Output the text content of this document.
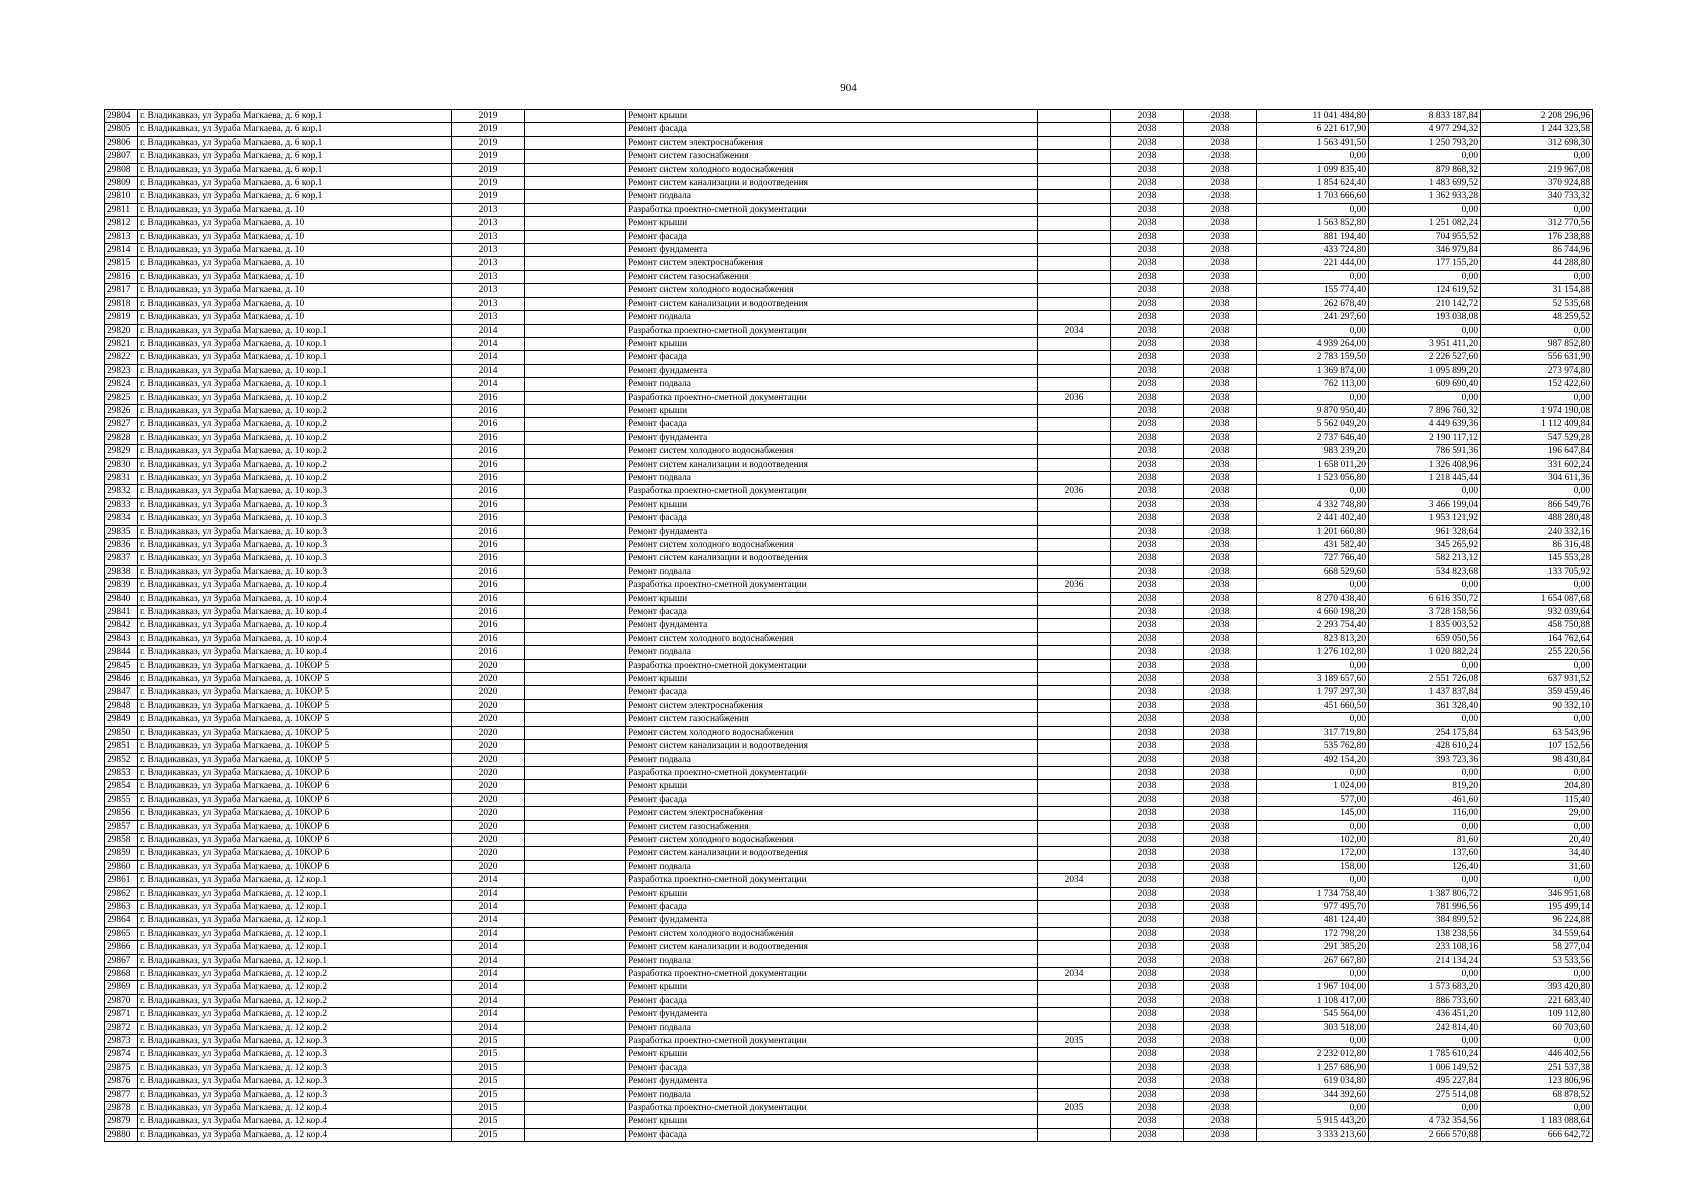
904
29804	г. Владикавказ, ул Зураба Магкаева, д. 6 кор.1	2019		Ремонт крыши		2038	2038	11 041 484,80	8 833 187,84	2 208 296,96
29805	г. Владикавказ, ул Зураба Магкаева, д. 6 кор.1	2019		Ремонт фасада		2038	2038	6 221 617,90	4 977 294,32	1 244 323,58
29806	г. Владикавказ, ул Зураба Магкаева, д. 6 кор.1	2019		Ремонт систем электроснабжения		2038	2038	1 563 491,50	1 250 793,20	312 698,30
29807	г. Владикавказ, ул Зураба Магкаева, д. 6 кор.1	2019		Ремонт систем газоснабжения		2038	2038	0,00	0,00	0,00
29808	г. Владикавказ, ул Зураба Магкаева, д. 6 кор.1	2019		Ремонт систем холодного водоснабжения		2038	2038	1 099 835,40	879 868,32	219 967,08
29809	г. Владикавказ, ул Зураба Магкаева, д. 6 кор.1	2019		Ремонт систем канализации и водоотведения		2038	2038	1 854 624,40	1 483 699,52	370 924,88
29810	г. Владикавказ, ул Зураба Магкаева, д. 6 кор.1	2019		Ремонт подвала		2038	2038	1 703 666,60	1 362 933,28	340 733,32
29811	г. Владикавказ, ул Зураба Магкаева, д. 10	2013		Разработка проектно-сметной документации		2038	2038	0,00	0,00	0,00
29812	г. Владикавказ, ул Зураба Магкаева, д. 10	2013		Ремонт крыши		2038	2038	1 563 852,80	1 251 082,24	312 770,56
29813	г. Владикавказ, ул Зураба Магкаева, д. 10	2013		Ремонт фасада		2038	2038	881 194,40	704 955,52	176 238,88
29814	г. Владикавказ, ул Зураба Магкаева, д. 10	2013		Ремонт фундамента		2038	2038	433 724,80	346 979,84	86 744,96
29815	г. Владикавказ, ул Зураба Магкаева, д. 10	2013		Ремонт систем электроснабжения		2038	2038	221 444,00	177 155,20	44 288,80
29816	г. Владикавказ, ул Зураба Магкаева, д. 10	2013		Ремонт систем газоснабжения		2038	2038	0,00	0,00	0,00
29817	г. Владикавказ, ул Зураба Магкаева, д. 10	2013		Ремонт систем холодного водоснабжения		2038	2038	155 774,40	124 619,52	31 154,88
29818	г. Владикавказ, ул Зураба Магкаева, д. 10	2013		Ремонт систем канализации и водоотведения		2038	2038	262 678,40	210 142,72	52 535,68
29819	г. Владикавказ, ул Зураба Магкаева, д. 10	2013		Ремонт подвала		2038	2038	241 297,60	193 038,08	48 259,52
29820	г. Владикавказ, ул Зураба Магкаева, д. 10 кор.1	2014		Разработка проектно-сметной документации	2034	2038	2038	0,00	0,00	0,00
29821	г. Владикавказ, ул Зураба Магкаева, д. 10 кор.1	2014		Ремонт крыши		2038	2038	4 939 264,00	3 951 411,20	987 852,80
29822	г. Владикавказ, ул Зураба Магкаева, д. 10 кор.1	2014		Ремонт фасада		2038	2038	2 783 159,50	2 226 527,60	556 631,90
29823	г. Владикавказ, ул Зураба Магкаева, д. 10 кор.1	2014		Ремонт фундамента		2038	2038	1 369 874,00	1 095 899,20	273 974,80
29824	г. Владикавказ, ул Зураба Магкаева, д. 10 кор.1	2014		Ремонт подвала		2038	2038	762 113,00	609 690,40	152 422,60
29825	г. Владикавказ, ул Зураба Магкаева, д. 10 кор.2	2016		Разработка проектно-сметной документации	2036	2038	2038	0,00	0,00	0,00
29826	г. Владикавказ, ул Зураба Магкаева, д. 10 кор.2	2016		Ремонт крыши		2038	2038	9 870 950,40	7 896 760,32	1 974 190,08
29827	г. Владикавказ, ул Зураба Магкаева, д. 10 кор.2	2016		Ремонт фасада		2038	2038	5 562 049,20	4 449 639,36	1 112 409,84
29828	г. Владикавказ, ул Зураба Магкаева, д. 10 кор.2	2016		Ремонт фундамента		2038	2038	2 737 646,40	2 190 117,12	547 529,28
29829	г. Владикавказ, ул Зураба Магкаева, д. 10 кор.2	2016		Ремонт систем холодного водоснабжения		2038	2038	983 239,20	786 591,36	196 647,84
29830	г. Владикавказ, ул Зураба Магкаева, д. 10 кор.2	2016		Ремонт систем канализации и водоотведения		2038	2038	1 658 011,20	1 326 408,96	331 602,24
29831	г. Владикавказ, ул Зураба Магкаева, д. 10 кор.2	2016		Ремонт подвала		2038	2038	1 523 056,80	1 218 445,44	304 611,36
29832	г. Владикавказ, ул Зураба Магкаева, д. 10 кор.3	2016		Разработка проектно-сметной документации	2036	2038	2038	0,00	0,00	0,00
29833	г. Владикавказ, ул Зураба Магкаева, д. 10 кор.3	2016		Ремонт крыши		2038	2038	4 332 748,80	3 466 199,04	866 549,76
29834	г. Владикавказ, ул Зураба Магкаева, д. 10 кор.3	2016		Ремонт фасада		2038	2038	2 441 402,40	1 953 121,92	488 280,48
29835	г. Владикавказ, ул Зураба Магкаева, д. 10 кор.3	2016		Ремонт фундамента		2038	2038	1 201 660,80	961 328,64	240 332,16
29836	г. Владикавказ, ул Зураба Магкаева, д. 10 кор.3	2016		Ремонт систем холодного водоснабжения		2038	2038	431 582,40	345 265,92	86 316,48
29837	г. Владикавказ, ул Зураба Магкаева, д. 10 кор.3	2016		Ремонт систем канализации и водоотведения		2038	2038	727 766,40	582 213,12	145 553,28
29838	г. Владикавказ, ул Зураба Магкаева, д. 10 кор.3	2016		Ремонт подвала		2038	2038	668 529,60	534 823,68	133 705,92
29839	г. Владикавказ, ул Зураба Магкаева, д. 10 кор.4	2016		Разработка проектно-сметной документации	2036	2038	2038	0,00	0,00	0,00
29840	г. Владикавказ, ул Зураба Магкаева, д. 10 кор.4	2016		Ремонт крыши		2038	2038	8 270 438,40	6 616 350,72	1 654 087,68
29841	г. Владикавказ, ул Зураба Магкаева, д. 10 кор.4	2016		Ремонт фасада		2038	2038	4 660 198,20	3 728 158,56	932 039,64
29842	г. Владикавказ, ул Зураба Магкаева, д. 10 кор.4	2016		Ремонт фундамента		2038	2038	2 293 754,40	1 835 003,52	458 750,88
29843	г. Владикавказ, ул Зураба Магкаева, д. 10 кор.4	2016		Ремонт систем холодного водоснабжения		2038	2038	823 813,20	659 050,56	164 762,64
29844	г. Владикавказ, ул Зураба Магкаева, д. 10 кор.4	2016		Ремонт подвала		2038	2038	1 276 102,80	1 020 882,24	255 220,56
29845	г. Владикавказ, ул Зураба Магкаева, д. 10КОР 5	2020		Разработка проектно-сметной документации		2038	2038	0,00	0,00	0,00
29846	г. Владикавказ, ул Зураба Магкаева, д. 10КОР 5	2020		Ремонт крыши		2038	2038	3 189 657,60	2 551 726,08	637 931,52
29847	г. Владикавказ, ул Зураба Магкаева, д. 10КОР 5	2020		Ремонт фасада		2038	2038	1 797 297,30	1 437 837,84	359 459,46
29848	г. Владикавказ, ул Зураба Магкаева, д. 10КОР 5	2020		Ремонт систем электроснабжения		2038	2038	451 660,50	361 328,40	90 332,10
29849	г. Владикавказ, ул Зураба Магкаева, д. 10КОР 5	2020		Ремонт систем газоснабжения		2038	2038	0,00	0,00	0,00
29850	г. Владикавказ, ул Зураба Магкаева, д. 10КОР 5	2020		Ремонт систем холодного водоснабжения		2038	2038	317 719,80	254 175,84	63 543,96
29851	г. Владикавказ, ул Зураба Магкаева, д. 10КОР 5	2020		Ремонт систем канализации и водоотведения		2038	2038	535 762,80	428 610,24	107 152,56
29852	г. Владикавказ, ул Зураба Магкаева, д. 10КОР 5	2020		Ремонт подвала		2038	2038	492 154,20	393 723,36	98 430,84
29853	г. Владикавказ, ул Зураба Магкаева, д. 10КОР 6	2020		Разработка проектно-сметной документации		2038	2038	0,00	0,00	0,00
29854	г. Владикавказ, ул Зураба Магкаева, д. 10КОР 6	2020		Ремонт крыши		2038	2038	1 024,00	819,20	204,80
29855	г. Владикавказ, ул Зураба Магкаева, д. 10КОР 6	2020		Ремонт фасада		2038	2038	577,00	461,60	115,40
29856	г. Владикавказ, ул Зураба Магкаева, д. 10КОР 6	2020		Ремонт систем электроснабжения		2038	2038	145,00	116,00	29,00
29857	г. Владикавказ, ул Зураба Магкаева, д. 10КОР 6	2020		Ремонт систем газоснабжения		2038	2038	0,00	0,00	0,00
29858	г. Владикавказ, ул Зураба Магкаева, д. 10КОР 6	2020		Ремонт систем холодного водоснабжения		2038	2038	102,00	81,60	20,40
29859	г. Владикавказ, ул Зураба Магкаева, д. 10КОР 6	2020		Ремонт систем канализации и водоотведения		2038	2038	172,00	137,60	34,40
29860	г. Владикавказ, ул Зураба Магкаева, д. 10КОР 6	2020		Ремонт подвала		2038	2038	158,00	126,40	31,60
29861	г. Владикавказ, ул Зураба Магкаева, д. 12 кор.1	2014		Разработка проектно-сметной документации	2034	2038	2038	0,00	0,00	0,00
29862	г. Владикавказ, ул Зураба Магкаева, д. 12 кор.1	2014		Ремонт крыши		2038	2038	1 734 758,40	1 387 806,72	346 951,68
29863	г. Владикавказ, ул Зураба Магкаева, д. 12 кор.1	2014		Ремонт фасада		2038	2038	977 495,70	781 996,56	195 499,14
29864	г. Владикавказ, ул Зураба Магкаева, д. 12 кор.1	2014		Ремонт фундамента		2038	2038	481 124,40	384 899,52	96 224,88
29865	г. Владикавказ, ул Зураба Магкаева, д. 12 кор.1	2014		Ремонт систем холодного водоснабжения		2038	2038	172 798,20	138 238,56	34 559,64
29866	г. Владикавказ, ул Зураба Магкаева, д. 12 кор.1	2014		Ремонт систем канализации и водоотведения		2038	2038	291 385,20	233 108,16	58 277,04
29867	г. Владикавказ, ул Зураба Магкаева, д. 12 кор.1	2014		Ремонт подвала		2038	2038	267 667,80	214 134,24	53 533,56
29868	г. Владикавказ, ул Зураба Магкаева, д. 12 кор.2	2014		Разработка проектно-сметной документации	2034	2038	2038	0,00	0,00	0,00
29869	г. Владикавказ, ул Зураба Магкаева, д. 12 кор.2	2014		Ремонт крыши		2038	2038	1 967 104,00	1 573 683,20	393 420,80
29870	г. Владикавказ, ул Зураба Магкаева, д. 12 кор.2	2014		Ремонт фасада		2038	2038	1 108 417,00	886 733,60	221 683,40
29871	г. Владикавказ, ул Зураба Магкаева, д. 12 кор.2	2014		Ремонт фундамента		2038	2038	545 564,00	436 451,20	109 112,80
29872	г. Владикавказ, ул Зураба Магкаева, д. 12 кор.2	2014		Ремонт подвала		2038	2038	303 518,00	242 814,40	60 703,60
29873	г. Владикавказ, ул Зураба Магкаева, д. 12 кор.3	2015		Разработка проектно-сметной документации	2035	2038	2038	0,00	0,00	0,00
29874	г. Владикавказ, ул Зураба Магкаева, д. 12 кор.3	2015		Ремонт крыши		2038	2038	2 232 012,80	1 785 610,24	446 402,56
29875	г. Владикавказ, ул Зураба Магкаева, д. 12 кор.3	2015		Ремонт фасада		2038	2038	1 257 686,90	1 006 149,52	251 537,38
29876	г. Владикавказ, ул Зураба Магкаева, д. 12 кор.3	2015		Ремонт фундамента		2038	2038	619 034,80	495 227,84	123 806,96
29877	г. Владикавказ, ул Зураба Магкаева, д. 12 кор.3	2015		Ремонт подвала		2038	2038	344 392,60	275 514,08	68 878,52
29878	г. Владикавказ, ул Зураба Магкаева, д. 12 кор.4	2015		Разработка проектно-сметной документации	2035	2038	2038	0,00	0,00	0,00
29879	г. Владикавказ, ул Зураба Магкаева, д. 12 кор.4	2015		Ремонт крыши		2038	2038	5 915 443,20	4 732 354,56	1 183 088,64
29880	г. Владикавказ, ул Зураба Магкаева, д. 12 кор.4	2015		Ремонт фасада		2038	2038	3 333 213,60	2 666 570,88	666 642,72
